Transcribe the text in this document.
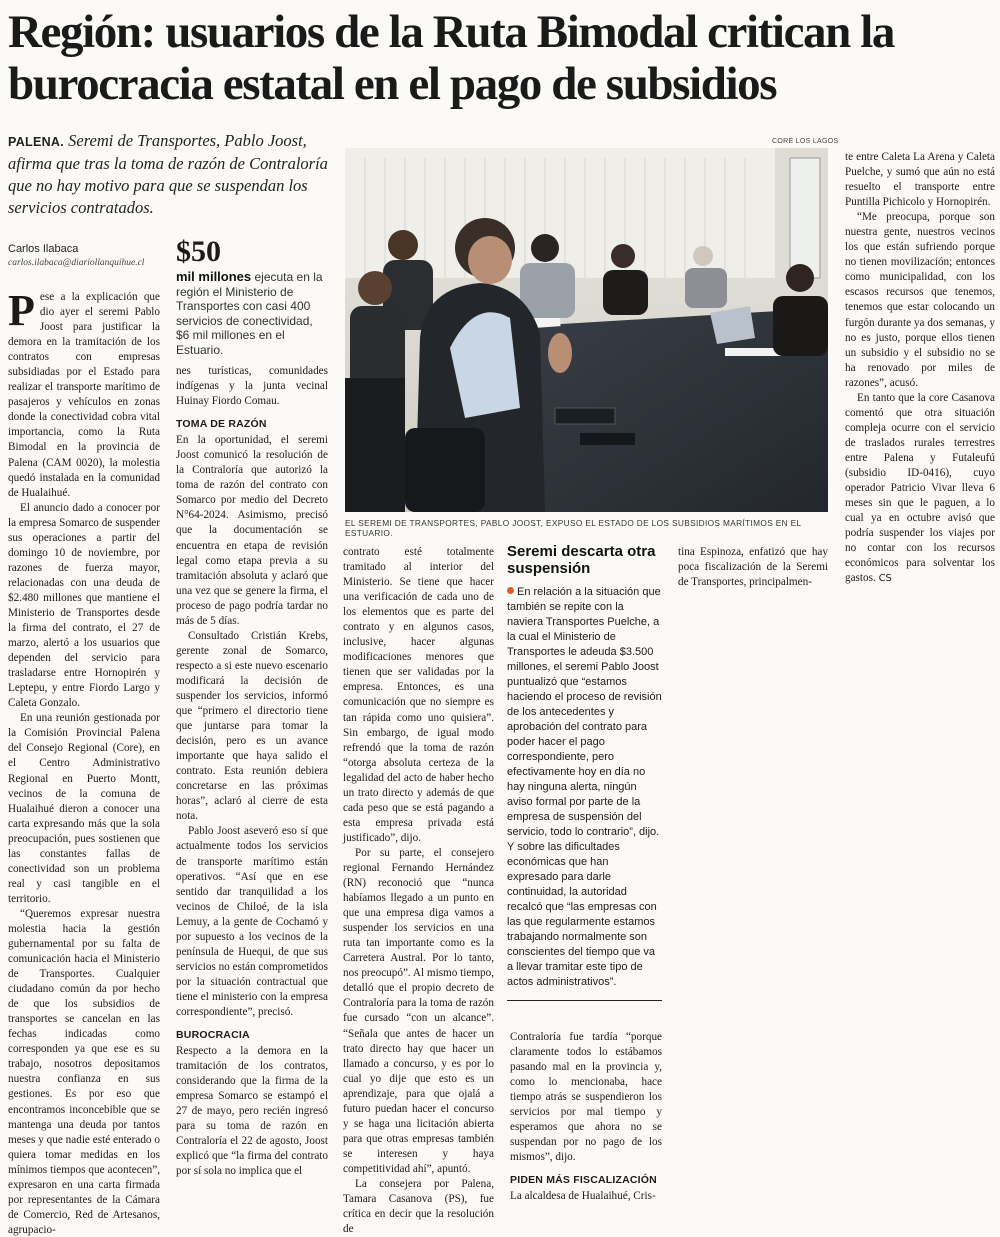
Región: usuarios de la Ruta Bimodal critican la burocracia estatal en el pago de subsidios
PALENA. Seremi de Transportes, Pablo Joost, afirma que tras la toma de razón de Contraloría que no hay motivo para que se suspendan los servicios contratados.
Carlos Ilabaca
carlos.ilabaca@diariollanquihue.cl	$50
mil millones ejecuta en la región el Ministerio de Transportes con casi 400 servicios de conectividad, $6 mil millones en el Estuario.
CORE LOS LAGOS
EL SEREMI DE TRANSPORTES, PABLO JOOST, EXPUSO EL ESTADO DE LOS SUBSIDIOS MARÍTIMOS EN EL ESTUARIO.

Pese a la explicación que dio ayer el seremi Pablo Joost para justificar la demora en la tramitación de los contratos con empresas subsidiadas por el Estado para realizar el transporte marítimo de pasajeros y vehículos en zonas donde la conectividad cobra vital importancia, como la Ruta Bimodal en la provincia de Palena (CAM 0020), la molestia quedó instalada en la comunidad de Hualaihué.

El anuncio dado a conocer por la empresa Somarco de suspender sus operaciones a partir del domingo 10 de noviembre, por razones de fuerza mayor, relacionadas con una deuda de $2.480 millones que mantiene el Ministerio de Transportes desde la firma del contrato, el 27 de marzo, alertó a los usuarios que dependen del servicio para trasladarse entre Hornopirén y Leptepu, y entre Fiordo Largo y Caleta Gonzalo.

En una reunión gestionada por la Comisión Provincial Palena del Consejo Regional (Core), en el Centro Administrativo Regional en Puerto Montt, vecinos de la comuna de Hualaihué dieron a conocer una carta expresando más que la sola preocupación, pues sostienen que las constantes fallas de conectividad son un problema real y casi tangible en el territorio.

“Queremos expresar nuestra molestia hacia la gestión gubernamental por su falta de comunicación hacia el Ministerio de Transportes. Cualquier ciudadano común da por hecho de que los subsidios de transportes se cancelan en las fechas indicadas como corresponden ya que ese es su trabajo, nosotros depositamos nuestra confianza en sus gestiones. Es por eso que encontramos inconcebible que se mantenga una deuda por tantos meses y que nadie esté enterado o quiera tomar medidas en los mínimos tiempos que acontecen”, expresaron en una carta firmada por representantes de la Cámara de Comercio, Red de Artesanos, agrupacio-

nes turísticas, comunidades indígenas y la junta vecinal Huinay Fiordo Comau.

TOMA DE RAZÓN

En la oportunidad, el seremi Joost comunicó la resolución de la Contraloría que autorizó la toma de razón del contrato con Somarco por medio del Decreto N°64-2024. Asimismo, precisó que la documentación se encuentra en etapa de revisión legal como etapa previa a su tramitación absoluta y aclaró que una vez que se genere la firma, el proceso de pago podría tardar no más de 5 días.

Consultado Cristián Krebs, gerente zonal de Somarco, respecto a si este nuevo escenario modificará la decisión de suspender los servicios, informó que “primero el directorio tiene que juntarse para tomar la decisión, pero es un avance importante que haya salido el contrato. Esta reunión debiera concretarse en las próximas horas”, aclaró al cierre de esta nota.

Pablo Joost aseveró eso sí que actualmente todos los servicios de transporte marítimo están operativos. “Así que en ese sentido dar tranquilidad a los vecinos de Chiloé, de la isla Lemuy, a la gente de Cochamó y por supuesto a los vecinos de la península de Huequi, de que sus servicios no están comprometidos por la situación contractual que tiene el ministerio con la empresa correspondiente”, precisó.

BUROCRACIA

Respecto a la demora en la tramitación de los contratos, considerando que la firma de la empresa Somarco se estampó el 27 de mayo, pero recién ingresó para su toma de razón en Contraloría el 22 de agosto, Joost explicó que “la firma del contrato por sí sola no implica que el

contrato esté totalmente tramitado al interior del Ministerio. Se tiene que hacer una verificación de cada uno de los elementos que es parte del contrato y en algunos casos, inclusive, hacer algunas modificaciones menores que tienen que ser validadas por la empresa. Entonces, es una comunicación que no siempre es tan rápida como uno quisiera”. Sin embargo, de igual modo refrendó que la toma de razón “otorga absoluta certeza de la legalidad del acto de haber hecho un trato directo y además de que cada peso que se está pagando a esta empresa privada está justificado”, dijo.

Por su parte, el consejero regional Fernando Hernández (RN) reconoció que “nunca habíamos llegado a un punto en que una empresa diga vamos a suspender los servicios en una ruta tan importante como es la Carretera Austral. Por lo tanto, nos preocupó”. Al mismo tiempo, detalló que el propio decreto de Contraloría para la toma de razón fue cursado “con un alcance”. “Señala que antes de hacer un trato directo hay que hacer un llamado a concurso, y es por lo cual yo dije que esto es un aprendizaje, para que ojalá a futuro puedan hacer el concurso y se haga una licitación abierta para que otras empresas también se interesen y haya competitividad ahí”, apuntó.

La consejera por Palena, Tamara Casanova (PS), fue crítica en decir que la resolución de

Seremi descarta otra suspensión
En relación a la situación que también se repite con la naviera Transportes Puelche, a la cual el Ministerio de Transportes le adeuda $3.500 millones, el seremi Pablo Joost puntualizó que “estamos haciendo el proceso de revisión de los antecedentes y aprobación del contrato para poder hacer el pago correspondiente, pero efectivamente hoy en día no hay ninguna alerta, ningún aviso formal por parte de la empresa de suspensión del servicio, todo lo contrario”, dijo. Y sobre las dificultades económicas que han expresado para darle continuidad, la autoridad recalcó que “las empresas con las que regularmente estamos trabajando normalmente son conscientes del tiempo que va a llevar tramitar este tipo de actos administrativos”.

Contraloría fue tardía “porque claramente todos lo estábamos pasando mal en la provincia y, como lo mencionaba, hace tiempo atrás se suspendieron los servicios por mal tiempo y esperamos que ahora no se suspendan por no pago de los mismos”, dijo.

PIDEN MÁS FISCALIZACIÓN

La alcaldesa de Hualaihué, Cris-

tina Espinoza, enfatizó que hay poca fiscalización de la Seremi de Transportes, principalmen-

te entre Caleta La Arena y Caleta Puelche, y sumó que aún no está resuelto el transporte entre Puntilla Pichicolo y Hornopirén.

“Me preocupa, porque son nuestra gente, nuestros vecinos los que están sufriendo porque no tienen movilización; entonces como municipalidad, con los escasos recursos que tenemos, tenemos que estar colocando un furgón durante ya dos semanas, y no es justo, porque ellos tienen un subsidio y el subsidio no se ha renovado por miles de razones”, acusó.

En tanto que la core Casanova comentó que otra situación compleja ocurre con el servicio de traslados rurales terrestres entre Palena y Futaleufú (subsidio ID-0416), cuyo operador Patricio Vivar lleva 6 meses sin que le paguen, a lo cual ya en octubre avisó que podría suspender los viajes por no contar con los recursos económicos para solventar los gastos. CS
